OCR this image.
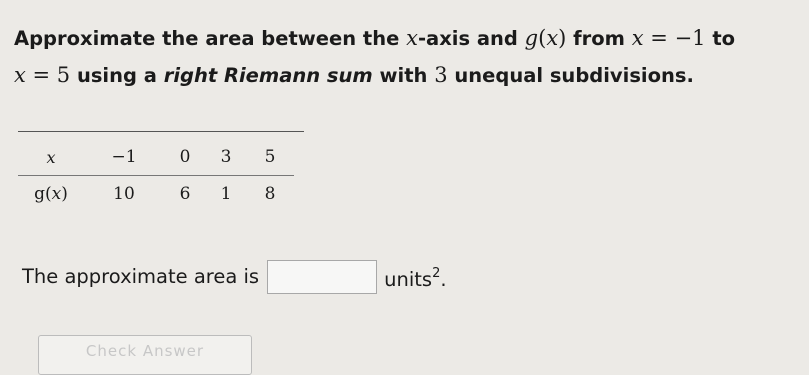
Approximate the area between the x-axis and g(x) from x = −1 to
x = 5 using a right Riemann sum with 3 unequal subdivisions.
x	−1	0	3	5
g(x)	10	6	1	8
The approximate area is	units$^2$.
Check Answer
